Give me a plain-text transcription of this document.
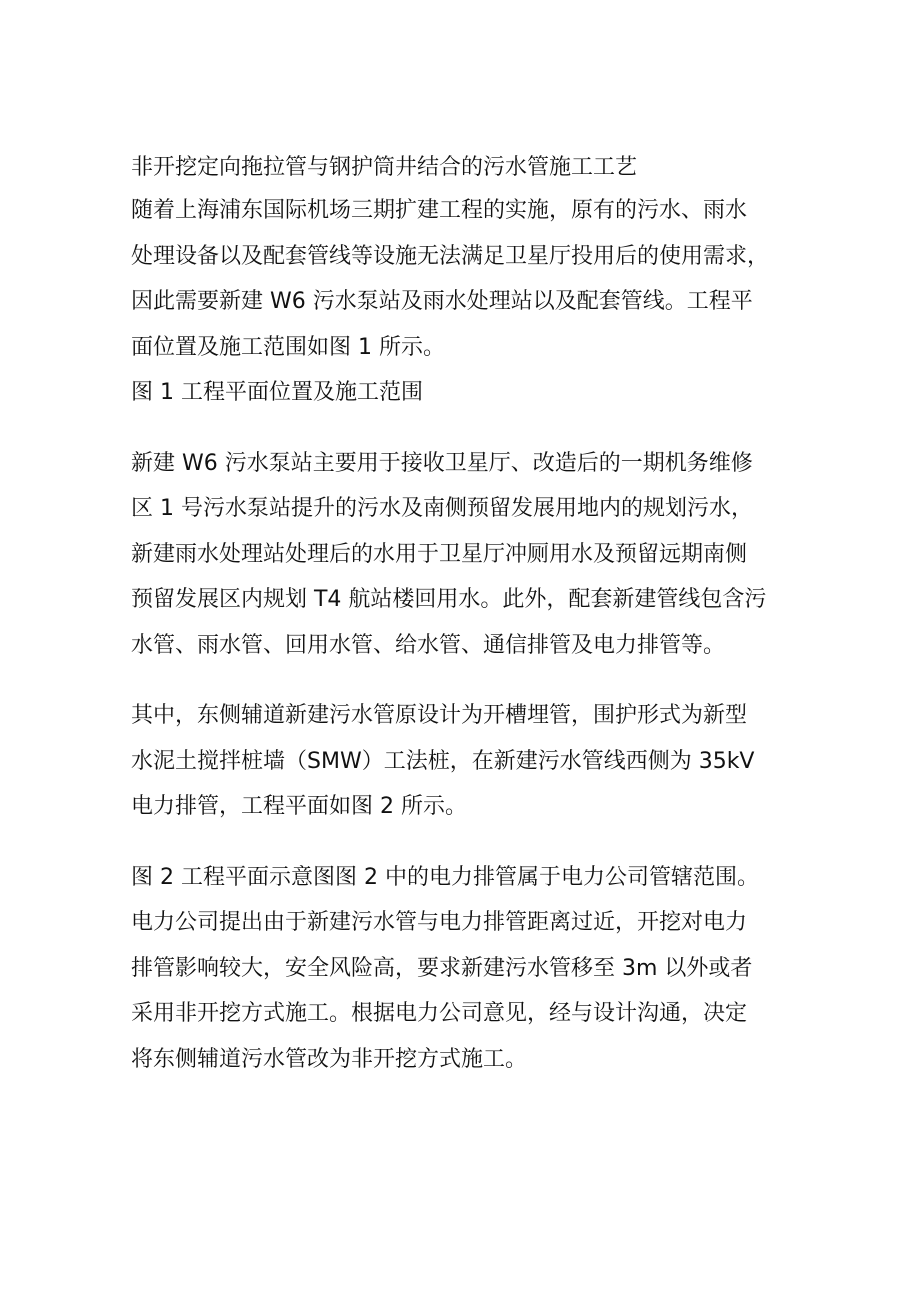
非开挖定向拖拉管与钢护筒井结合的污水管施工工艺

随着上海浦东国际机场三期扩建工程的实施，原有的污水、雨水
处理设备以及配套管线等设施无法满足卫星厅投用后的使用需求，
因此需要新建 W6 污水泵站及雨水处理站以及配套管线。工程平
面位置及施工范围如图 1 所示。

图 1 工程平面位置及施工范围

新建 W6 污水泵站主要用于接收卫星厅、改造后的一期机务维修
区 1 号污水泵站提升的污水及南侧预留发展用地内的规划污水，
新建雨水处理站处理后的水用于卫星厅冲厕用水及预留远期南侧
预留发展区内规划 T4 航站楼回用水。此外，配套新建管线包含污
水管、雨水管、回用水管、给水管、通信排管及电力排管等。

其中，东侧辅道新建污水管原设计为开槽埋管，围护形式为新型
水泥土搅拌桩墙（SMW）工法桩，在新建污水管线西侧为 35kV
电力排管，工程平面如图 2 所示。

图 2 工程平面示意图图 2 中的电力排管属于电力公司管辖范围。
电力公司提出由于新建污水管与电力排管距离过近，开挖对电力
排管影响较大，安全风险高，要求新建污水管移至 3m 以外或者
采用非开挖方式施工。根据电力公司意见，经与设计沟通，决定
将东侧辅道污水管改为非开挖方式施工。
